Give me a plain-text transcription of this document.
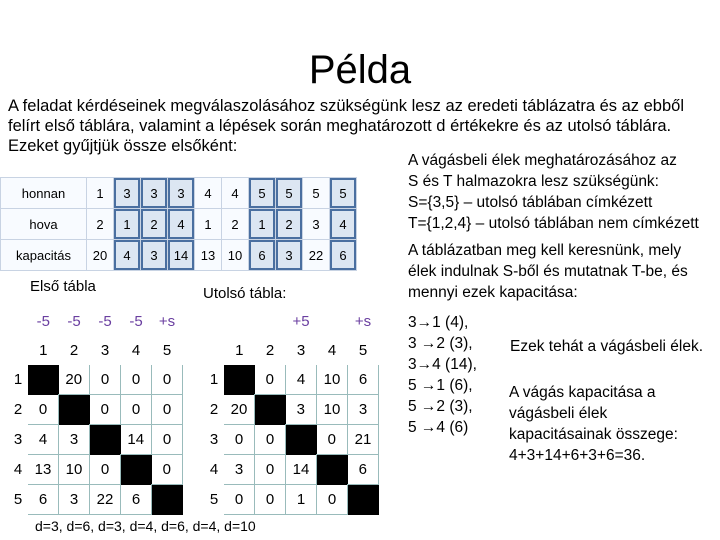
Példa
A feladat kérdéseinek megválaszolásához szükségünk lesz az eredeti táblázatra és az ebből
felírt első táblára, valamint a lépések során meghatározott d értékekre és az utolsó táblára.
Ezeket gyűjtjük össze elsőként:
honnan	1	3	3	3	4	4	5	5	5	5
hova	2	1	2	4	1	2	1	2	3	4
kapacitás	20	4	3	14	13	10	6	3	22	6
Első tábla	Utolsó tábla:
	-5	-5	-5	-5	+s
	1	2	3	4	5
1		20	0	0	0
2	0		0	0	0
3	4	3		14	0
4	13	10	0		0
5	6	3	22	6	
			+5		+s
	1	2	3	4	5
1		0	4	10	6
2	20		3	10	3
3	0	0		0	21
4	3	0	14		6
5	0	0	1	0	
d=3, d=6, d=3, d=4, d=6, d=4, d=10
A vágásbeli élek meghatározásához az
S és T halmazokra lesz szükségünk:
S={3,5} – utolsó táblában címkézett
T={1,2,4} – utolsó táblában nem címkézett
A táblázatban meg kell keresnünk, mely
élek indulnak S-ből és mutatnak T-be, és
mennyi ezek kapacitása:
3→1 (4),
3 →2 (3),
3→4 (14),
5 →1 (6),
5 →2 (3),
5 →4 (6)
Ezek tehát a vágásbeli élek.
A vágás kapacitása a
vágásbeli élek
kapacitásainak összege:
4+3+14+6+3+6=36.
